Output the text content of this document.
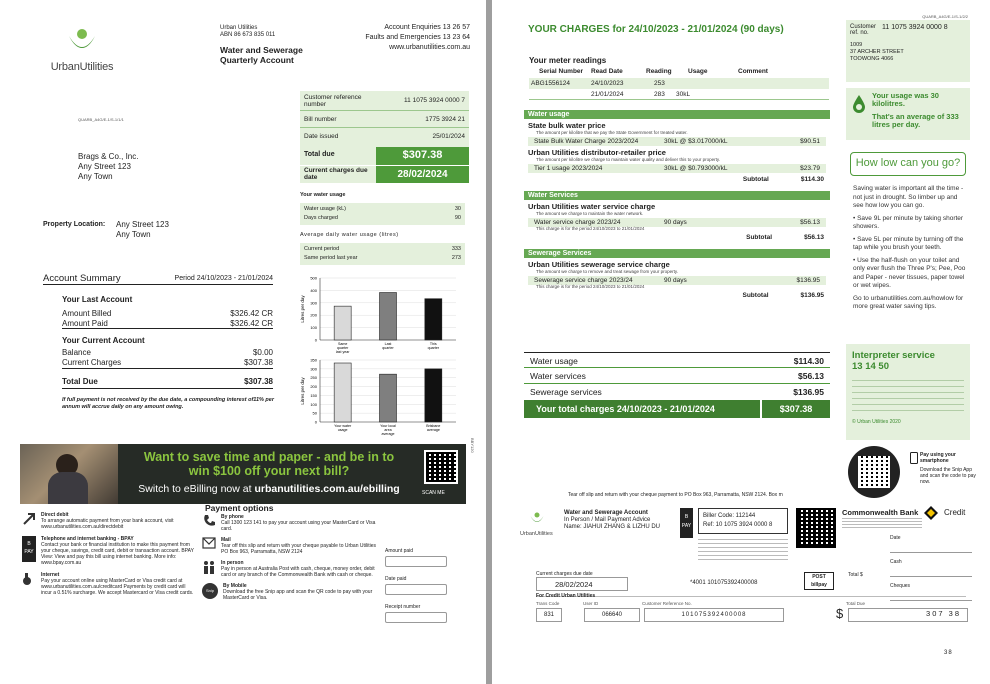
UrbanUtilities
Urban Utilities
ABN 86 673 835 011
Water and Sewerage
Quarterly Account
Account Enquiries 13 26 57
Faults and Emergencies 13 23 64
www.urbanutilities.com.au
QUARB_A4G/E-1/S-1/1/1
Customer reference number	11 1075 3924 0000 7
Bill number	1775 3924 21
Date issued	25/01/2024
Total due	$307.38
Current charges due date	28/02/2024
Brags & Co., Inc.
Any Street 123
Any Town
Property Location: Any Street 123
Any Town
Your water usage
Water usage (kL)	30
Days charged	90
Average daily water usage (litres)
Current period	333
Same period last year	273
Account Summary	Period 24/10/2023 - 21/01/2024
Your Last Account
Amount Billed	$326.42 CR
Amount Paid	$326.42 CR
Your Current Account
Balance	$0.00
Current Charges	$307.38
Total Due	$307.38
If full payment is not received by the due date, a compounding interest of11% per annum will accrue daily on any amount owing.
Litres per day
0
100
200
300
400
500
Same quarter last year
Last quarter
This quarter
Litres per day
0
50
100
150
200
250
300
350
Your water usage
Your local area average
Brisbane average
BBY120
Want to save time and paper - and be in to
win $100 off your next bill?
Switch to eBilling now at urbanutilities.com.au/ebilling	SCAN ME
Payment options
Direct debit
To arrange automatic payment from your bank account, visit www.urbanutilities.com.au/directdebit
B
PAY
Telephone and internet banking - BPAY
Contact your bank or financial institution to make this payment from your cheque, savings, credit card, debit or transaction account. BPAY View: View and pay this bill using internet banking. More info: www.bpay.com.au
Internet
Pay your account online using MasterCard or Visa credit card at www.urbanutilities.com.au/creditcard Payments by credit card will incur a 0.51% surcharge. We accept Mastercard or Visa credit cards.
By phone
Call 1300 123 141 to pay your account using your MasterCard or Visa card.
Mail
Tear off this slip and return with your cheque payable to Urban Utilities PO Box 963, Parramatta, NSW 2124
In person
Pay in person at Australia Post with cash, cheque, money order, debit card or any branch of the Commonwealth Bank with cash or cheque.
Snip
By Mobile
Download the free Snip app and scan the QR code to pay with your MasterCard or Visa.
Amount paid
Date paid
Receipt number
QUARB_A4G/E-1/S-1/2/2
YOUR CHARGES for 24/10/2023 - 21/01/2024 (90 days)	Customer ref. no.
11 1075 3924 0000 8
1009
37 ARCHER STREET
TOOWONG 4066
Your meter readings
Serial Number	Read Date	Reading	Usage	Comment
ABG1556124	24/10/2023	253
21/01/2024	283	30kL
Water usage
State bulk water price
The amount per kilolitre that we pay the State Government for treated water.
State Bulk Water Charge 2023/2024	30kL @ $3.017000/kL	$90.51
Urban Utilities distributor-retailer price
The amount per kilolitre we charge to maintain water quality and deliver this to your property.
Tier 1 usage 2023/2024	30kL @ $0.793000/kL	$23.79
Subtotal	$114.30
Water Services
Urban Utilities water service charge
The amount we charge to maintain the water network.
Water service charge 2023/24	90 days	$56.13
This charge is for the period 24/10/2023 to 21/01/2024
Subtotal	$56.13
Sewerage Services
Urban Utilities sewerage service charge
The amount we charge to remove and treat sewage from your property.
Sewerage service charge 2023/24	90 days	$136.95
This charge is for the period 24/10/2023 to 21/01/2024
Subtotal	$136.95
Water usage	$114.30
Water services	$56.13
Sewerage services	$136.95
Your total charges 24/10/2023 - 21/01/2024	$307.38
Your usage was 30 kilolitres.
That's an average of 333 litres per day.
How low can you go?
Saving water is important all the time - not just in drought. So limber up and see how low you can go.
• Save 9L per minute by taking shorter showers.
• Save 5L per minute by turning off the tap while you brush your teeth.
• Use the half-flush on your toilet and only ever flush the Three P's; Pee, Poo and Paper - never tissues, paper towel or wet wipes.
Go to urbanutilities.com.au/howlow for more great water saving tips.
Interpreter service
13 14 50
© Urban Utilities 2020
Pay using your smartphone
Download the Snip App and scan the code to pay now.
Tear off slip and return with your cheque payment to PO Box 963, Parramatta, NSW 2124. Box m
UrbanUtilities
Water and Sewerage Account
In Person / Mail Payment Advice
Name: JIAHUI ZHANG & LIZHU DU
B
PAY
Biller Code: 112144
Ref: 10 1075 3924 0000 8
Commonwealth Bank	Credit
Date
Cash
Cheques
Total $
Current charges due date
28/02/2024	*4001 101075392400008
POST billpay
For Credit Urban Utilities
Trans Code	User ID	Customer Reference No.	Total Due
831	066640	101075392400008	$	307 38
38
